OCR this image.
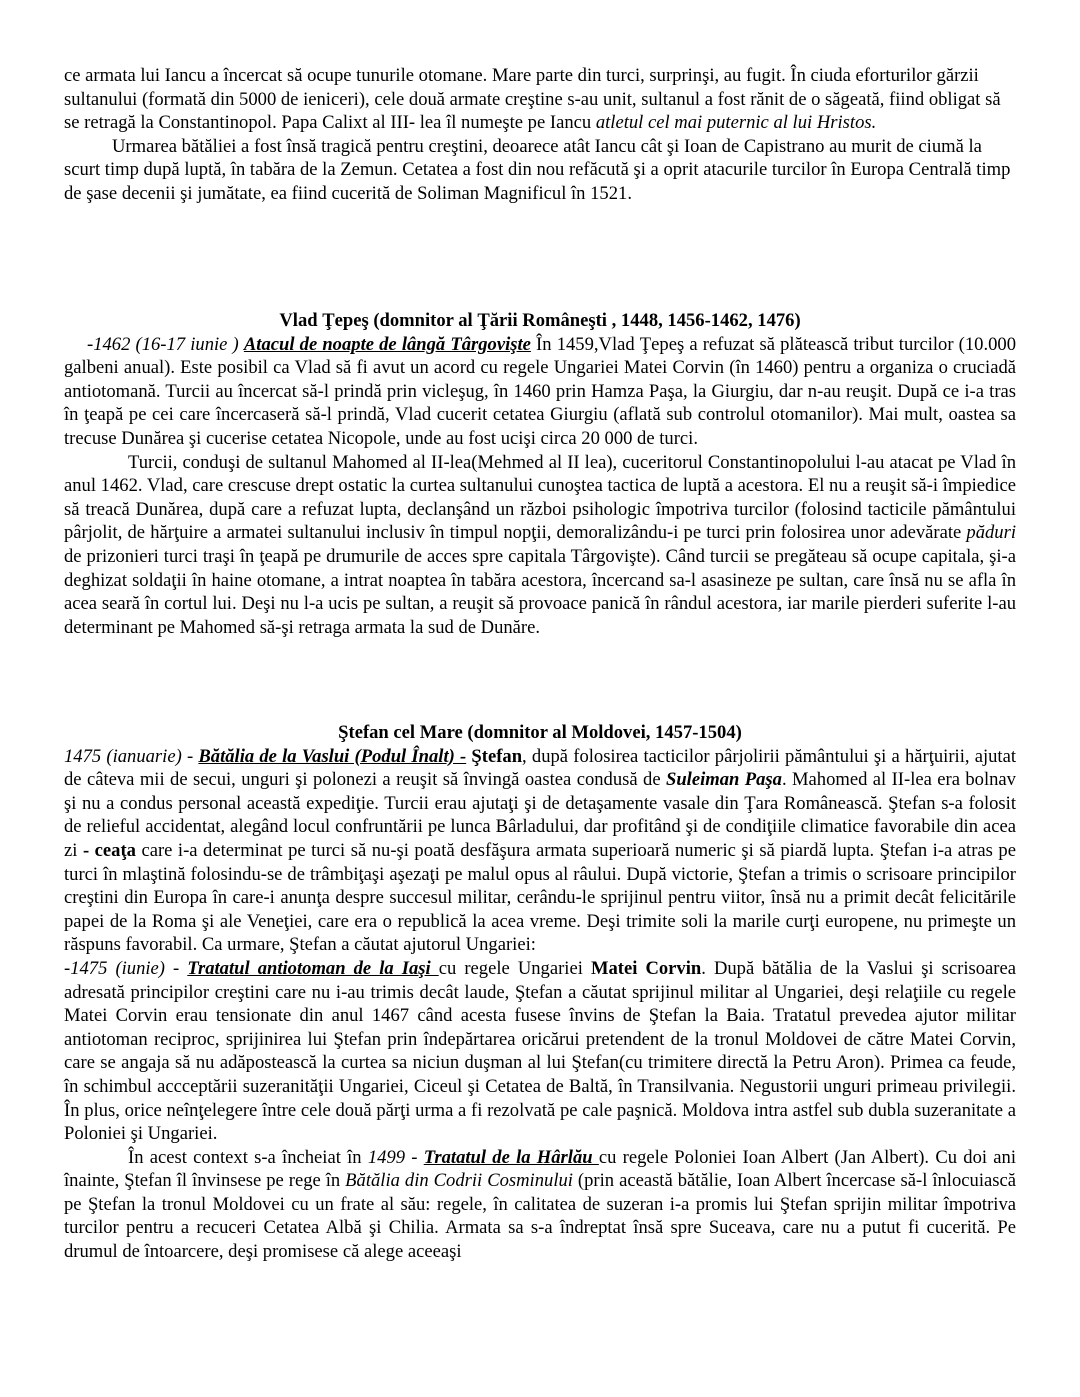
ce armata lui Iancu a încercat să ocupe tunurile otomane. Mare parte din turci, surprinşi, au fugit. În ciuda eforturilor gărzii sultanului (formată din 5000 de ieniceri), cele două armate creştine s-au unit, sultanul a fost rănit de o săgeată, fiind obligat să se retragă la Constantinopol. Papa Calixt al III- lea îl numeşte pe Iancu atletul cel mai puternic al lui Hristos.

Urmarea bătăliei a fost însă tragică pentru creştini, deoarece atât Iancu cât şi Ioan de Capistrano au murit de ciumă la scurt timp după luptă, în tabăra de la Zemun. Cetatea a fost din nou refăcută şi a oprit atacurile turcilor în Europa Centrală timp de şase decenii şi jumătate, ea fiind cucerită de Soliman Magnificul în 1521.

Vlad Ţepeş (domnitor al Ţării Româneşti , 1448, 1456-1462, 1476)

-1462 (16-17 iunie ) Atacul de noapte de lângă Târgovişte În 1459,Vlad Ţepeş a refuzat să plătească tribut turcilor (10.000 galbeni anual). Este posibil ca Vlad să fi avut un acord cu regele Ungariei Matei Corvin (în 1460) pentru a organiza o cruciadă antiotomană. Turcii au încercat să-l prindă prin vicleşug, în 1460 prin Hamza Paşa, la Giurgiu, dar n-au reuşit. După ce i-a tras în ţeapă pe cei care încercaseră să-l prindă, Vlad cucerit cetatea Giurgiu (aflată sub controlul otomanilor). Mai mult, oastea sa trecuse Dunărea şi cucerise cetatea Nicopole, unde au fost ucişi circa 20 000 de turci.

Turcii, conduşi de sultanul Mahomed al II-lea(Mehmed al II lea), cuceritorul Constantinopolului l-au atacat pe Vlad în anul 1462. Vlad, care crescuse drept ostatic la curtea sultanului cunoştea tactica de luptă a acestora. El nu a reuşit să-i împiedice să treacă Dunărea, după care a refuzat lupta, declanşând un război psihologic împotriva turcilor (folosind tacticile pământului pârjolit, de hărţuire a armatei sultanului inclusiv în timpul nopţii, demoralizându-i pe turci prin folosirea unor adevărate păduri de prizonieri turci traşi în ţeapă pe drumurile de acces spre capitala Târgovişte). Când turcii se pregăteau să ocupe capitala, şi-a deghizat soldaţii în haine otomane, a intrat noaptea în tabăra acestora, încercand sa-l asasineze pe sultan, care însă nu se afla în acea seară în cortul lui. Deşi nu l-a ucis pe sultan, a reuşit să provoace panică în rândul acestora, iar marile pierderi suferite l-au determinant pe Mahomed să-şi retraga armata la sud de Dunăre.

Ştefan cel Mare (domnitor al Moldovei, 1457-1504)

1475 (ianuarie) - Bătălia de la Vaslui (Podul Înalt) - Ştefan, după folosirea tacticilor pârjolirii pământului şi a hărţuirii, ajutat de câteva mii de secui, unguri şi polonezi a reuşit să învingă oastea condusă de Suleiman Paşa. Mahomed al II-lea era bolnav şi nu a condus personal această expediţie. Turcii erau ajutaţi şi de detaşamente vasale din Ţara Românească. Ştefan s-a folosit de relieful accidentat, alegând locul confruntării pe lunca Bârladului, dar profitând şi de condiţiile climatice favorabile din acea zi - ceaţa care i-a determinat pe turci să nu-şi poată desfăşura armata superioară numeric şi să piardă lupta. Ştefan i-a atras pe turci în mlaştină folosindu-se de trâmbiţaşi aşezaţi pe malul opus al râului. După victorie, Ştefan a trimis o scrisoare principilor creştini din Europa în care-i anunţa despre succesul militar, cerându-le sprijinul pentru viitor, însă nu a primit decât felicitările papei de la Roma şi ale Veneţiei, care era o republică la acea vreme. Deşi trimite soli la marile curţi europene, nu primeşte un răspuns favorabil. Ca urmare, Ştefan a căutat ajutorul Ungariei:

-1475 (iunie) - Tratatul antiotoman de la Iaşi cu regele Ungariei Matei Corvin. După bătălia de la Vaslui şi scrisoarea adresată principilor creştini care nu i-au trimis decât laude, Ştefan a căutat sprijinul militar al Ungariei, deşi relaţiile cu regele Matei Corvin erau tensionate din anul 1467 când acesta fusese învins de Ştefan la Baia. Tratatul prevedea ajutor militar antiotoman reciproc, sprijinirea lui Ştefan prin îndepărtarea oricărui pretendent de la tronul Moldovei de către Matei Corvin, care se angaja să nu adăpostească la curtea sa niciun duşman al lui Ştefan(cu trimitere directă la Petru Aron). Primea ca feude, în schimbul accceptării suzeranităţii Ungariei, Ciceul şi Cetatea de Baltă, în Transilvania. Negustorii unguri primeau privilegii. În plus, orice neînţelegere între cele două părţi urma a fi rezolvată pe cale paşnică. Moldova intra astfel sub dubla suzeranitate a Poloniei şi Ungariei.

În acest context s-a încheiat în 1499 - Tratatul de la Hârlău cu regele Poloniei Ioan Albert (Jan Albert). Cu doi ani înainte, Ştefan îl învinsese pe rege în Bătălia din Codrii Cosminului (prin această bătălie, Ioan Albert încercase să-l înlocuiască pe Ştefan la tronul Moldovei cu un frate al său: regele, în calitatea de suzeran i-a promis lui Ştefan sprijin militar împotriva turcilor pentru a recuceri Cetatea Albă şi Chilia. Armata sa s-a îndreptat însă spre Suceava, care nu a putut fi cucerită. Pe drumul de întoarcere, deşi promisese că alege aceeaşi
